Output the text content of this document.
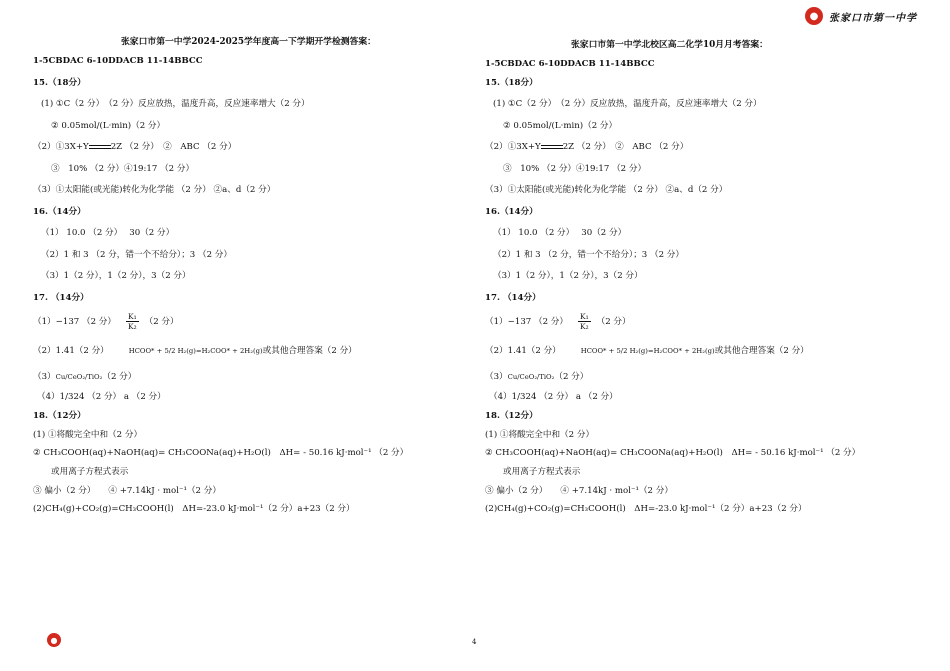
● 张家口市第一中学
张家口市第一中学2024-2025学年度高一下学期开学检测答案：
1-5CBDAC 6-10DDACB 11-14BBCC
15.（18分）
(1) ①C（2 分）　（2 分）反应放热，温度升高，反应速率增大（2 分）
② 0.05mol/(L·min)（2 分）
（2）①3X+Y	2Z （2 分）　②　ABC （2 分）
③　10% （2 分）④19:17 （2 分）
（3）①太阳能(或光能)转化为化学能 （2 分） ②a、d（2 分）
16.（14分）
（1） 10.0 （2 分）　 30（2 分）
（2）1 和 3 （2 分，错一个不给分）；3 （2 分）
（3）1（2 分），1（2 分），3（2 分）
17. （14分）
（1）−137 （2 分） $\frac{\text{K₁}}{\text{K₂}} (2$ 分）
（2）1.41（2 分）	HCOO* + 5/2 H₂(g)=H₂COO* + 2H₂(g)或其他合理答案（2 分）
（3）Cu/CeO₂/TiO₂（2 分）
（4）1/324 （2 分） a （2 分）
18.（12分）
(1) ①将酸完全中和（2 分）
② CH₃COOH(aq)+NaOH(aq)= CH₃COONa(aq)+H₂O(l)　ΔH= - 50.16 kJ·mol⁻¹ （2 分）
或用离子方程式表示
③ 偏小（2 分）　　④ +7.14kJ · mol⁻¹（2 分）
(2)CH₄(g)+CO₂(g)=CH₃COOH(l)　ΔH=-23.0 kJ·mol⁻¹（2 分）a+23（2 分）
张家口市第一中学北校区高二化学10月月考答案：
1-5CBDAC 6-10DDACB 11-14BBCC
15.（18分）
(1) ①C（2 分）　（2 分）反应放热，温度升高，反应速率增大（2 分）
② 0.05mol/(L·min)（2 分）
（2）①3X+Y	2Z （2 分）　②　ABC （2 分）
③　10% （2 分）④19:17 （2 分）
（3）①太阳能(或光能)转化为化学能 （2 分） ②a、d（2 分）
16.（14分）
（1） 10.0 （2 分）　 30（2 分）
（2）1 和 3 （2 分，错一个不给分）；3 （2 分）
（3）1（2 分），1（2 分），3（2 分）
17. （14分）
（1）−137 （2 分） $\frac{\text{K₁}}{\text{K₂}} (2$ 分）
（2）1.41（2 分）	HCOO* + 5/2 H₂(g)=H₂COO* + 2H₂(g)或其他合理答案（2 分）
（3）Cu/CeO₂/TiO₂（2 分）
（4）1/324 （2 分） a （2 分）
18.（12分）
(1) ①将酸完全中和（2 分）
② CH₃COOH(aq)+NaOH(aq)= CH₃COONa(aq)+H₂O(l)　ΔH= - 50.16 kJ·mol⁻¹ （2 分）
或用离子方程式表示
③ 偏小（2 分）　　④ +7.14kJ · mol⁻¹（2 分）
(2)CH₄(g)+CO₂(g)=CH₃COOH(l)　ΔH=-23.0 kJ·mol⁻¹（2 分）a+23（2 分）
●	4
